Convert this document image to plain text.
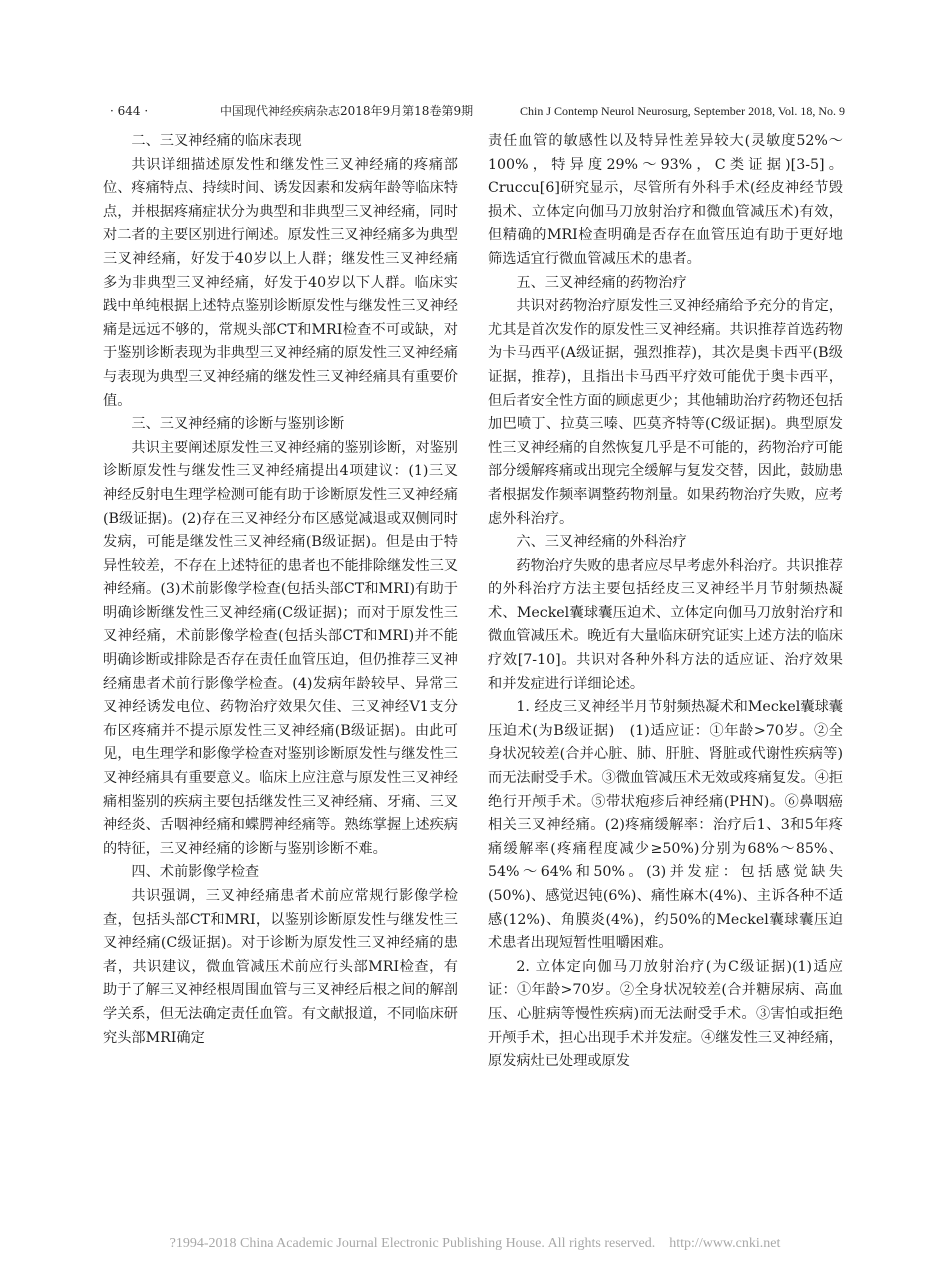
· 644 ·	中国现代神经疾病杂志2018年9月第18卷第9期	Chin J Contemp Neurol Neurosurg, September 2018, Vol. 18, No. 9
二、三叉神经痛的临床表现

共识详细描述原发性和继发性三叉神经痛的疼痛部位、疼痛特点、持续时间、诱发因素和发病年龄等临床特点，并根据疼痛症状分为典型和非典型三叉神经痛，同时对二者的主要区别进行阐述。原发性三叉神经痛多为典型三叉神经痛，好发于40岁以上人群；继发性三叉神经痛多为非典型三叉神经痛，好发于40岁以下人群。临床实践中单纯根据上述特点鉴别诊断原发性与继发性三叉神经痛是远远不够的，常规头部CT和MRI检查不可或缺，对于鉴别诊断表现为非典型三叉神经痛的原发性三叉神经痛与表现为典型三叉神经痛的继发性三叉神经痛具有重要价值。

三、三叉神经痛的诊断与鉴别诊断

共识主要阐述原发性三叉神经痛的鉴别诊断，对鉴别诊断原发性与继发性三叉神经痛提出4项建议：(1)三叉神经反射电生理学检测可能有助于诊断原发性三叉神经痛(B级证据)。(2)存在三叉神经分布区感觉减退或双侧同时发病，可能是继发性三叉神经痛(B级证据)。但是由于特异性较差，不存在上述特征的患者也不能排除继发性三叉神经痛。(3)术前影像学检查(包括头部CT和MRI)有助于明确诊断继发性三叉神经痛(C级证据)；而对于原发性三叉神经痛，术前影像学检查(包括头部CT和MRI)并不能明确诊断或排除是否存在责任血管压迫，但仍推荐三叉神经痛患者术前行影像学检查。(4)发病年龄较早、异常三叉神经诱发电位、药物治疗效果欠佳、三叉神经V1支分布区疼痛并不提示原发性三叉神经痛(B级证据)。由此可见，电生理学和影像学检查对鉴别诊断原发性与继发性三叉神经痛具有重要意义。临床上应注意与原发性三叉神经痛相鉴别的疾病主要包括继发性三叉神经痛、牙痛、三叉神经炎、舌咽神经痛和蝶腭神经痛等。熟练掌握上述疾病的特征，三叉神经痛的诊断与鉴别诊断不难。

四、术前影像学检查

共识强调，三叉神经痛患者术前应常规行影像学检查，包括头部CT和MRI，以鉴别诊断原发性与继发性三叉神经痛(C级证据)。对于诊断为原发性三叉神经痛的患者，共识建议，微血管减压术前应行头部MRI检查，有助于了解三叉神经根周围血管与三叉神经后根之间的解剖学关系，但无法确定责任血管。有文献报道，不同临床研究头部MRI确定

责任血管的敏感性以及特异性差异较大(灵敏度52%～100%，特异度29%～93%，C类证据)[3-5]。Cruccu[6]研究显示，尽管所有外科手术(经皮神经节毁损术、立体定向伽马刀放射治疗和微血管减压术)有效，但精确的MRI检查明确是否存在血管压迫有助于更好地筛选适宜行微血管减压术的患者。

五、三叉神经痛的药物治疗

共识对药物治疗原发性三叉神经痛给予充分的肯定，尤其是首次发作的原发性三叉神经痛。共识推荐首选药物为卡马西平(A级证据，强烈推荐)，其次是奥卡西平(B级证据，推荐)，且指出卡马西平疗效可能优于奥卡西平，但后者安全性方面的顾虑更少；其他辅助治疗药物还包括加巴喷丁、拉莫三嗪、匹莫齐特等(C级证据)。典型原发性三叉神经痛的自然恢复几乎是不可能的，药物治疗可能部分缓解疼痛或出现完全缓解与复发交替，因此，鼓励患者根据发作频率调整药物剂量。如果药物治疗失败，应考虑外科治疗。

六、三叉神经痛的外科治疗

药物治疗失败的患者应尽早考虑外科治疗。共识推荐的外科治疗方法主要包括经皮三叉神经半月节射频热凝术、Meckel囊球囊压迫术、立体定向伽马刀放射治疗和微血管减压术。晚近有大量临床研究证实上述方法的临床疗效[7-10]。共识对各种外科方法的适应证、治疗效果和并发症进行详细论述。

1. 经皮三叉神经半月节射频热凝术和Meckel囊球囊压迫术(为B级证据)　(1)适应证：①年龄>70岁。②全身状况较差(合并心脏、肺、肝脏、肾脏或代谢性疾病等)而无法耐受手术。③微血管减压术无效或疼痛复发。④拒绝行开颅手术。⑤带状疱疹后神经痛(PHN)。⑥鼻咽癌相关三叉神经痛。(2)疼痛缓解率：治疗后1、3和5年疼痛缓解率(疼痛程度减少≥50%)分别为68%～85%、54%～64%和50%。(3)并发症：包括感觉缺失(50%)、感觉迟钝(6%)、痛性麻木(4%)、主诉各种不适感(12%)、角膜炎(4%)，约50%的Meckel囊球囊压迫术患者出现短暂性咀嚼困难。

2. 立体定向伽马刀放射治疗(为C级证据)(1)适应证：①年龄>70岁。②全身状况较差(合并糖尿病、高血压、心脏病等慢性疾病)而无法耐受手术。③害怕或拒绝开颅手术，担心出现手术并发症。④继发性三叉神经痛，原发病灶已处理或原发

?1994-2018 China Academic Journal Electronic Publishing House. All rights reserved.　http://www.cnki.net
